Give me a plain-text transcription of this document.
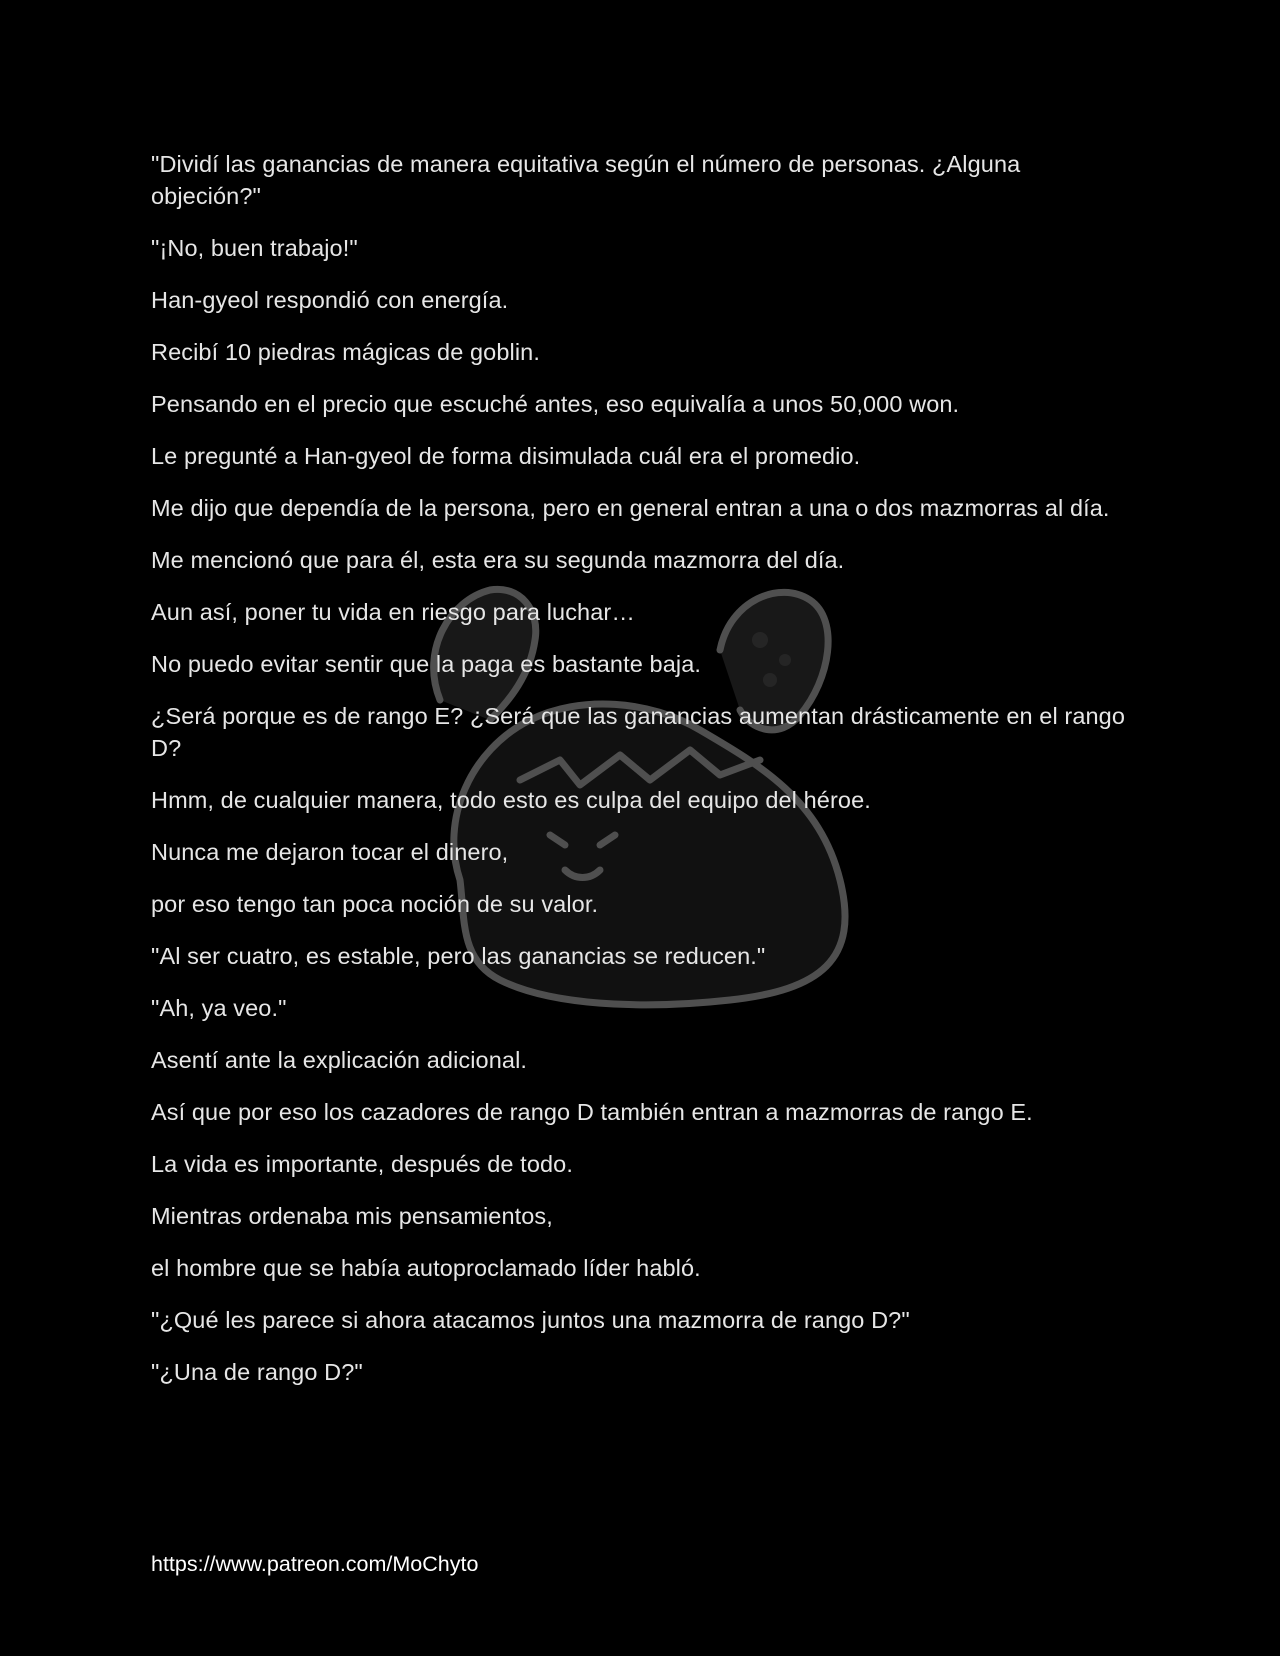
"Dividí las ganancias de manera equitativa según el número de personas. ¿Alguna objeción?"

"¡No, buen trabajo!"

Han-gyeol respondió con energía.

Recibí 10 piedras mágicas de goblin.

Pensando en el precio que escuché antes, eso equivalía a unos 50,000 won.

Le pregunté a Han-gyeol de forma disimulada cuál era el promedio.

Me dijo que dependía de la persona, pero en general entran a una o dos mazmorras al día.

Me mencionó que para él, esta era su segunda mazmorra del día.

Aun así, poner tu vida en riesgo para luchar…

No puedo evitar sentir que la paga es bastante baja.

¿Será porque es de rango E? ¿Será que las ganancias aumentan drásticamente en el rango D?

Hmm, de cualquier manera, todo esto es culpa del equipo del héroe.

Nunca me dejaron tocar el dinero,

por eso tengo tan poca noción de su valor.

"Al ser cuatro, es estable, pero las ganancias se reducen."

"Ah, ya veo."

Asentí ante la explicación adicional.

Así que por eso los cazadores de rango D también entran a mazmorras de rango E.

La vida es importante, después de todo.

Mientras ordenaba mis pensamientos,

el hombre que se había autoproclamado líder habló.

"¿Qué les parece si ahora atacamos juntos una mazmorra de rango D?"

"¿Una de rango D?"

https://www.patreon.com/MoChyto
